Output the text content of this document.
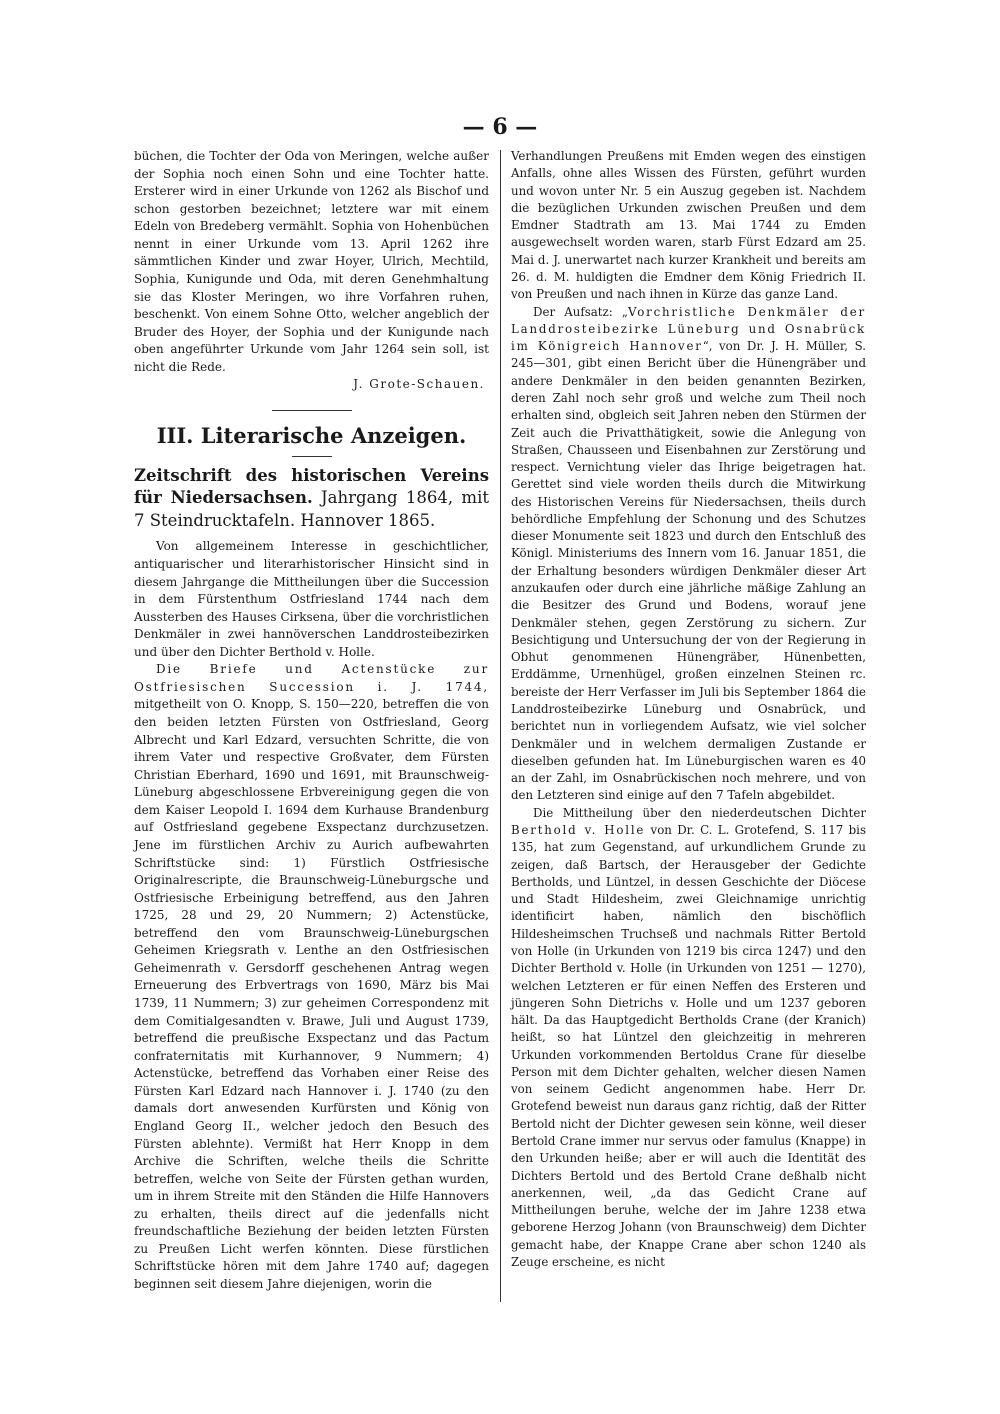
— 6 —

büchen, die Tochter der Oda von Meringen, welche außer der Sophia noch einen Sohn und eine Tochter hatte. Ersterer wird in einer Urkunde von 1262 als Bischof und schon gestorben bezeichnet; letztere war mit einem Edeln von Bredeberg vermählt. Sophia von Hohenbüchen nennt in einer Urkunde vom 13. April 1262 ihre sämmtlichen Kinder und zwar Hoyer, Ulrich, Mechtild, Sophia, Kunigunde und Oda, mit deren Genehmhaltung sie das Kloster Meringen, wo ihre Vorfahren ruhen, beschenkt. Von einem Sohne Otto, welcher angeblich der Bruder des Hoyer, der Sophia und der Kunigunde nach oben angeführter Urkunde vom Jahr 1264 sein soll, ist nicht die Rede.

J. Grote-Schauen.

III. Literarische Anzeigen.

Zeitschrift des historischen Vereins für Niedersachsen. Jahrgang 1864, mit 7 Steindrucktafeln. Hannover 1865.

Von allgemeinem Interesse in geschichtlicher, antiquarischer und literarhistorischer Hinsicht sind in diesem Jahrgange die Mittheilungen über die Succession in dem Fürstenthum Ostfriesland 1744 nach dem Aussterben des Hauses Cirksena, über die vorchristlichen Denkmäler in zwei hannöverschen Landdrosteibezirken und über den Dichter Berthold v. Holle.

Die Briefe und Actenstücke zur Ostfriesischen Succession i. J. 1744, mitgetheilt von O. Knopp, S. 150—220, betreffen die von den beiden letzten Fürsten von Ostfriesland, Georg Albrecht und Karl Edzard, versuchten Schritte, die von ihrem Vater und respective Großvater, dem Fürsten Christian Eberhard, 1690 und 1691, mit Braunschweig-Lüneburg abgeschlossene Erbvereinigung gegen die von dem Kaiser Leopold I. 1694 dem Kurhause Brandenburg auf Ostfriesland gegebene Exspectanz durchzusetzen. Jene im fürstlichen Archiv zu Aurich aufbewahrten Schriftstücke sind: 1) Fürstlich Ostfriesische Originalrescripte, die Braunschweig-Lüneburgsche und Ostfriesische Erbeinigung betreffend, aus den Jahren 1725, 28 und 29, 20 Nummern; 2) Actenstücke, betreffend den vom Braunschweig-Lüneburgschen Geheimen Kriegsrath v. Lenthe an den Ostfriesischen Geheimenrath v. Gersdorff geschehenen Antrag wegen Erneuerung des Erbvertrags von 1690, März bis Mai 1739, 11 Nummern; 3) zur geheimen Correspondenz mit dem Comitialgesandten v. Brawe, Juli und August 1739, betreffend die preußische Exspectanz und das Pactum confraternitatis mit Kurhannover, 9 Nummern; 4) Actenstücke, betreffend das Vorhaben einer Reise des Fürsten Karl Edzard nach Hannover i. J. 1740 (zu den damals dort anwesenden Kurfürsten und König von England Georg II., welcher jedoch den Besuch des Fürsten ablehnte). Vermißt hat Herr Knopp in dem Archive die Schriften, welche theils die Schritte betreffen, welche von Seite der Fürsten gethan wurden, um in ihrem Streite mit den Ständen die Hilfe Hannovers zu erhalten, theils direct auf die jedenfalls nicht freundschaftliche Beziehung der beiden letzten Fürsten zu Preußen Licht werfen könnten. Diese fürstlichen Schriftstücke hören mit dem Jahre 1740 auf; dagegen beginnen seit diesem Jahre diejenigen, worin die

Verhandlungen Preußens mit Emden wegen des einstigen Anfalls, ohne alles Wissen des Fürsten, geführt wurden und wovon unter Nr. 5 ein Auszug gegeben ist. Nachdem die bezüglichen Urkunden zwischen Preußen und dem Emdner Stadtrath am 13. Mai 1744 zu Emden ausgewechselt worden waren, starb Fürst Edzard am 25. Mai d. J. unerwartet nach kurzer Krankheit und bereits am 26. d. M. huldigten die Emdner dem König Friedrich II. von Preußen und nach ihnen in Kürze das ganze Land.

Der Aufsatz: „Vorchristliche Denkmäler der Landdrosteibezirke Lüneburg und Osnabrück im Königreich Hannover“, von Dr. J. H. Müller, S. 245—301, gibt einen Bericht über die Hünengräber und andere Denkmäler in den beiden genannten Bezirken, deren Zahl noch sehr groß und welche zum Theil noch erhalten sind, obgleich seit Jahren neben den Stürmen der Zeit auch die Privatthätigkeit, sowie die Anlegung von Straßen, Chausseen und Eisenbahnen zur Zerstörung und respect. Vernichtung vieler das Ihrige beigetragen hat. Gerettet sind viele worden theils durch die Mitwirkung des Historischen Vereins für Niedersachsen, theils durch behördliche Empfehlung der Schonung und des Schutzes dieser Monumente seit 1823 und durch den Entschluß des Königl. Ministeriums des Innern vom 16. Januar 1851, die der Erhaltung besonders würdigen Denkmäler dieser Art anzukaufen oder durch eine jährliche mäßige Zahlung an die Besitzer des Grund und Bodens, worauf jene Denkmäler stehen, gegen Zerstörung zu sichern. Zur Besichtigung und Untersuchung der von der Regierung in Obhut genommenen Hünengräber, Hünenbetten, Erddämme, Urnenhügel, großen einzelnen Steinen rc. bereiste der Herr Verfasser im Juli bis September 1864 die Landdrosteibezirke Lüneburg und Osnabrück, und berichtet nun in vorliegendem Aufsatz, wie viel solcher Denkmäler und in welchem dermaligen Zustande er dieselben gefunden hat. Im Lüneburgischen waren es 40 an der Zahl, im Osnabrückischen noch mehrere, und von den Letzteren sind einige auf den 7 Tafeln abgebildet.

Die Mittheilung über den niederdeutschen Dichter Berthold v. Holle von Dr. C. L. Grotefend, S. 117 bis 135, hat zum Gegenstand, auf urkundlichem Grunde zu zeigen, daß Bartsch, der Herausgeber der Gedichte Bertholds, und Lüntzel, in dessen Geschichte der Diöcese und Stadt Hildesheim, zwei Gleichnamige unrichtig identificirt haben, nämlich den bischöflich Hildesheimschen Truchseß und nachmals Ritter Bertold von Holle (in Urkunden von 1219 bis circa 1247) und den Dichter Berthold v. Holle (in Urkunden von 1251 — 1270), welchen Letzteren er für einen Neffen des Ersteren und jüngeren Sohn Dietrichs v. Holle und um 1237 geboren hält. Da das Hauptgedicht Bertholds Crane (der Kranich) heißt, so hat Lüntzel den gleichzeitig in mehreren Urkunden vorkommenden Bertoldus Crane für dieselbe Person mit dem Dichter gehalten, welcher diesen Namen von seinem Gedicht angenommen habe. Herr Dr. Grotefend beweist nun daraus ganz richtig, daß der Ritter Bertold nicht der Dichter gewesen sein könne, weil dieser Bertold Crane immer nur servus oder famulus (Knappe) in den Urkunden heiße; aber er will auch die Identität des Dichters Bertold und des Bertold Crane deßhalb nicht anerkennen, weil, „da das Gedicht Crane auf Mittheilungen beruhe, welche der im Jahre 1238 etwa geborene Herzog Johann (von Braunschweig) dem Dichter gemacht habe, der Knappe Crane aber schon 1240 als Zeuge erscheine, es nicht
